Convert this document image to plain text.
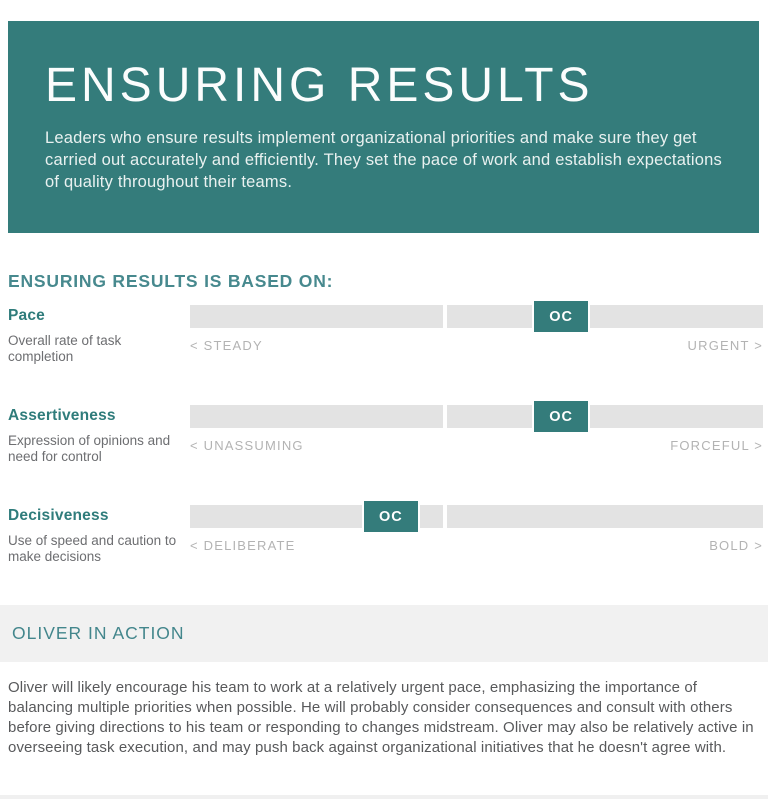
ENSURING RESULTS

Leaders who ensure results implement organizational priorities and make sure they get carried out accurately and efficiently. They set the pace of work and establish expectations of quality throughout their teams.

ENSURING RESULTS IS BASED ON:
Pace
Overall rate of task completion
OC
< STEADY	URGENT >
Assertiveness
Expression of opinions and need for control
OC
< UNASSUMING	FORCEFUL >
Decisiveness
Use of speed and caution to make decisions
OC
< DELIBERATE	BOLD >
OLIVER IN ACTION

Oliver will likely encourage his team to work at a relatively urgent pace, emphasizing the importance of balancing multiple priorities when possible. He will probably consider consequences and consult with others before giving directions to his team or responding to changes midstream. Oliver may also be relatively active in overseeing task execution, and may push back against organizational initiatives that he doesn't agree with.
